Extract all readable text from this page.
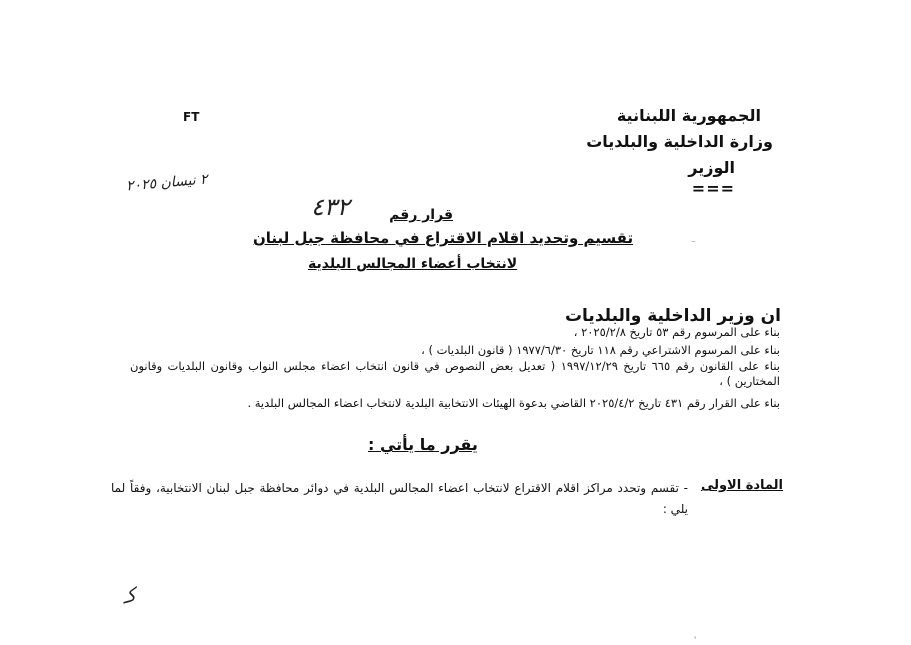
الجمهورية اللبنانية
وزارة الداخلية والبلديات
الوزير
===
FT
٢ نيسان ٢٠٢٥
قرار رقم
٤٣٢
تقسيم وتحديد اقلام الاقتراع في محافظة جبل لبنان
لانتخاب أعضاء المجالس البلدية
ان وزير الداخلية والبلديات
بناء على المرسوم رقم ٥٣ تاريخ ٢٠٢٥/٢/٨ ،
بناء على المرسوم الاشتراعي رقم ١١٨ تاريخ ١٩٧٧/٦/٣٠ ( قانون البلديات ) ،
بناء على القانون رقم ٦٦٥ تاريخ ١٩٩٧/١٢/٢٩ ( تعديل بعض النصوص في قانون انتخاب اعضاء مجلس النواب وقانون البلديات وقانون المختارين ) ،
بناء على القرار رقم ٤٣١ تاريخ ٢٠٢٥/٤/٢ القاضي بدعوة الهيئات الانتخابية البلدية لانتخاب اعضاء المجالس البلدية .
يقرر ما يأتي :
المادة الاولى
- تقسم وتحدد مراكز اقلام الاقتراع لانتخاب اعضاء المجالس البلدية في دوائر محافظة جبل لبنان الانتخابية، وفقاً لما يلي :
كـ
